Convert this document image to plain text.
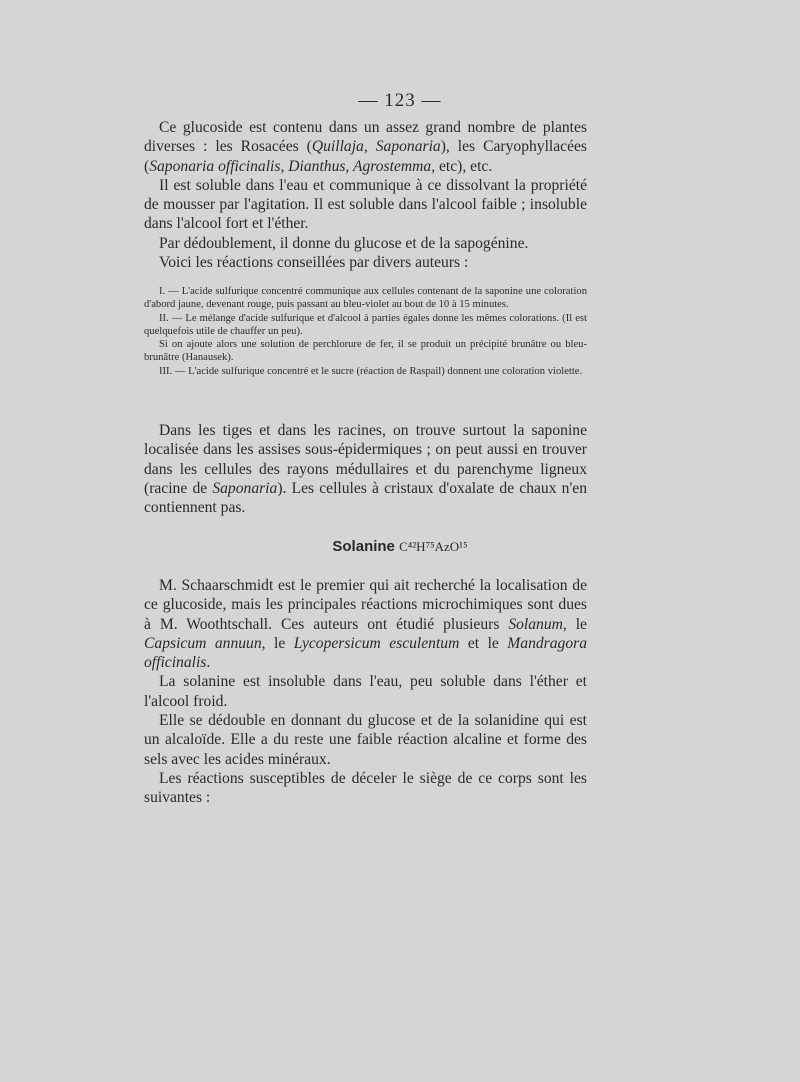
— 123 —

Ce glucoside est contenu dans un assez grand nombre de plantes diverses : les Rosacées (Quillaja, Saponaria), les Caryophyllacées (Saponaria officinalis, Dianthus, Agrostemma, etc), etc.

Il est soluble dans l'eau et communique à ce dissolvant la propriété de mousser par l'agitation. Il est soluble dans l'alcool faible ; insoluble dans l'alcool fort et l'éther.

Par dédoublement, il donne du glucose et de la sapogénine.

Voici les réactions conseillées par divers auteurs :

I. — L'acide sulfurique concentré communique aux cellules contenant de la saponine une coloration d'abord jaune, devenant rouge, puis passant au bleu-violet au bout de 10 à 15 minutes.

II. — Le mélange d'acide sulfurique et d'alcool à parties égales donne les mêmes colorations. (Il est quelquefois utile de chauffer un peu).

Si on ajoute alors une solution de perchlorure de fer, il se produit un précipité brunâtre ou bleu-brunâtre (Hanausek).

III. — L'acide sulfurique concentré et le sucre (réaction de Raspail) donnent une coloration violette.

Dans les tiges et dans les racines, on trouve surtout la saponine localisée dans les assises sous-épidermiques ; on peut aussi en trouver dans les cellules des rayons médullaires et du parenchyme ligneux (racine de Saponaria). Les cellules à cristaux d'oxalate de chaux n'en contiennent pas.

Solanine C⁴²H⁷⁵AzO¹⁵

M. Schaarschmidt est le premier qui ait recherché la localisation de ce glucoside, mais les principales réactions microchimiques sont dues à M. Woothtschall. Ces auteurs ont étudié plusieurs Solanum, le Capsicum annuun, le Lycopersicum esculentum et le Mandragora officinalis.

La solanine est insoluble dans l'eau, peu soluble dans l'éther et l'alcool froid.

Elle se dédouble en donnant du glucose et de la solanidine qui est un alcaloïde. Elle a du reste une faible réaction alcaline et forme des sels avec les acides minéraux.

Les réactions susceptibles de déceler le siège de ce corps sont les suivantes :
